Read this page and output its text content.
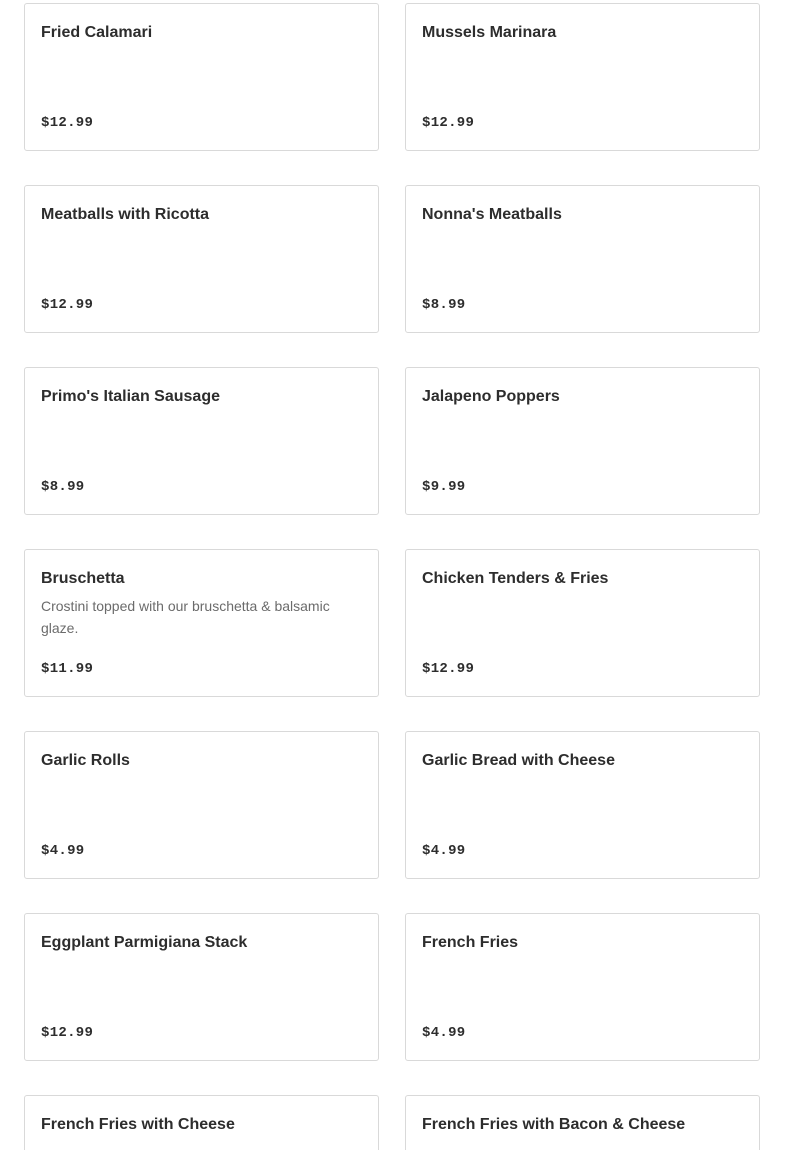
Fried Calamari
$12.99
Mussels Marinara
$12.99
Meatballs with Ricotta
$12.99
Nonna's Meatballs
$8.99
Primo's Italian Sausage
$8.99
Jalapeno Poppers
$9.99
Bruschetta
Crostini topped with our bruschetta & balsamic glaze.
$11.99
Chicken Tenders & Fries
$12.99
Garlic Rolls
$4.99
Garlic Bread with Cheese
$4.99
Eggplant Parmigiana Stack
$12.99
French Fries
$4.99
French Fries with Cheese	French Fries with Bacon & Cheese
